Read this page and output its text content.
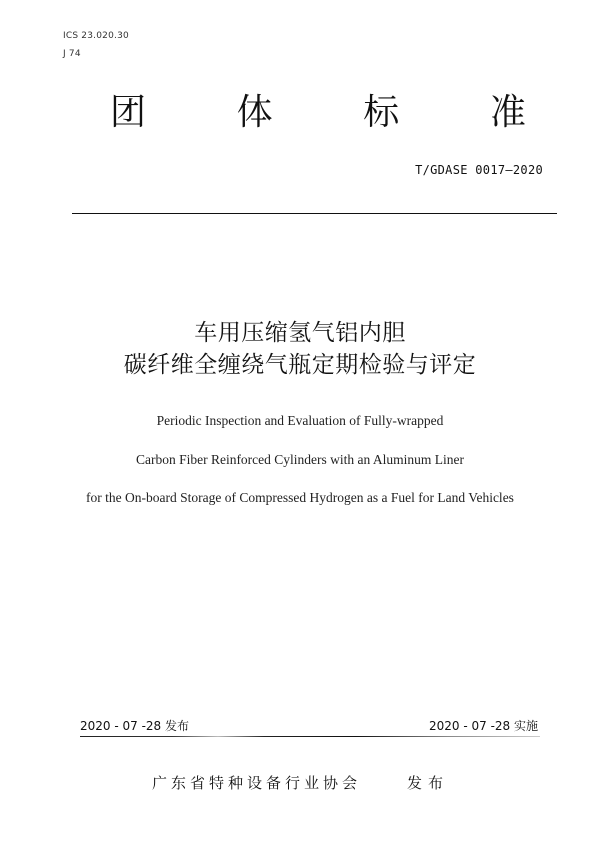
ICS 23.020.30
J 74
团	体	标	准
T/GDASE 0017—2020
车用压缩氢气铝内胆
碳纤维全缠绕气瓶定期检验与评定
Periodic Inspection and Evaluation of Fully-wrapped
Carbon Fiber Reinforced Cylinders with an Aluminum Liner
for the On-board Storage of Compressed Hydrogen as a Fuel for Land Vehicles
2020 - 07 -28 发布	2020 - 07 -28 实施
广东省特种设备行业协会	发布
